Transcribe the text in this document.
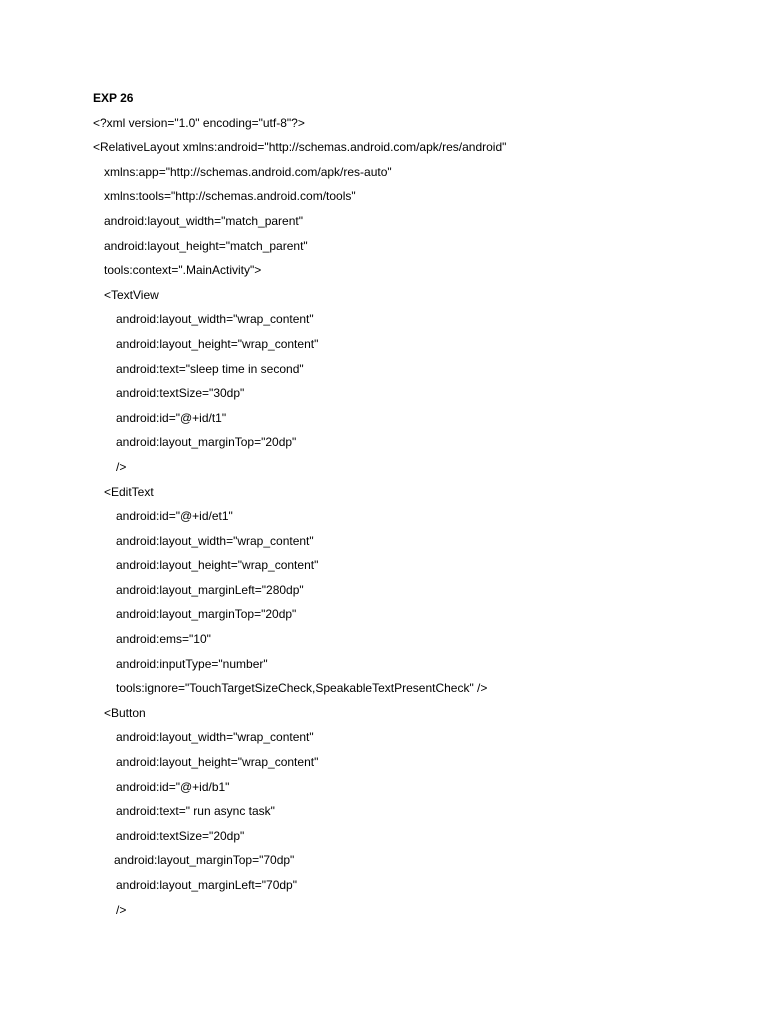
EXP 26
<?xml version="1.0" encoding="utf-8"?>
<RelativeLayout xmlns:android="http://schemas.android.com/apk/res/android"
xmlns:app="http://schemas.android.com/apk/res-auto"
xmlns:tools="http://schemas.android.com/tools"
android:layout_width="match_parent"
android:layout_height="match_parent"
tools:context=".MainActivity">
<TextView
android:layout_width="wrap_content"
android:layout_height="wrap_content"
android:text="sleep time in second"
android:textSize="30dp"
android:id="@+id/t1"
android:layout_marginTop="20dp"
/>
<EditText
android:id="@+id/et1"
android:layout_width="wrap_content"
android:layout_height="wrap_content"
android:layout_marginLeft="280dp"
android:layout_marginTop="20dp"
android:ems="10"
android:inputType="number"
tools:ignore="TouchTargetSizeCheck,SpeakableTextPresentCheck" />
<Button
android:layout_width="wrap_content"
android:layout_height="wrap_content"
android:id="@+id/b1"
android:text=" run async task"
android:textSize="20dp"
android:layout_marginTop="70dp"
android:layout_marginLeft="70dp"
/>
